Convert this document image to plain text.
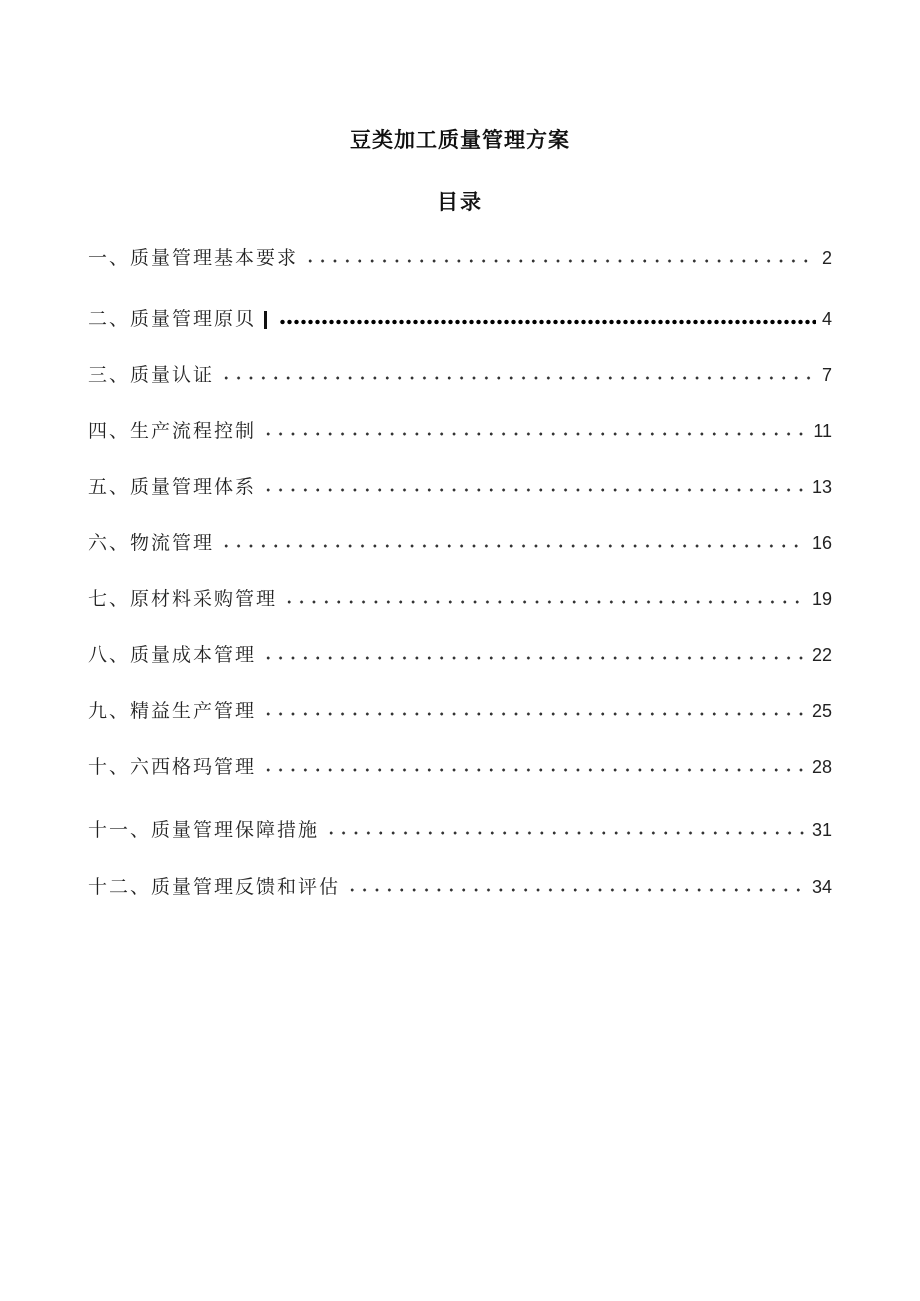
豆类加工质量管理方案
目录
一、质量管理基本要求	2
二、质量管理原贝	4
三、质量认证	7
四、生产流程控制	11
五、质量管理体系	13
六、物流管理	16
七、原材料采购管理	19
八、质量成本管理	22
九、精益生产管理	25
十、六西格玛管理	28
十一、质量管理保障措施	31
十二、质量管理反馈和评估	34
